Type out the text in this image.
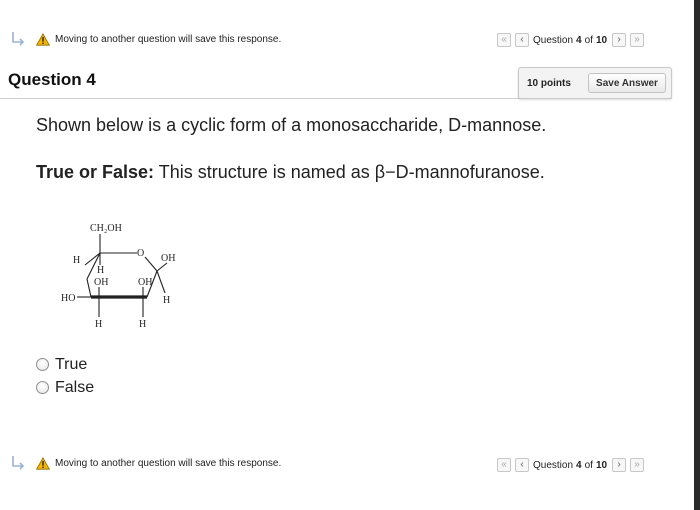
Moving to another question will save this response.	«	‹ Question 4 of 10	›	»
Question 4	10 points	Save Answer

Shown below is a cyclic form of a monosaccharide, D-mannose.

True or False: This structure is named as β−D-mannofuranose.

CH₂OH
O OH
H
H
OH	OH
HO	H
H	H
True
False
Moving to another question will save this response.	«	‹ Question 4 of 10	›	»
